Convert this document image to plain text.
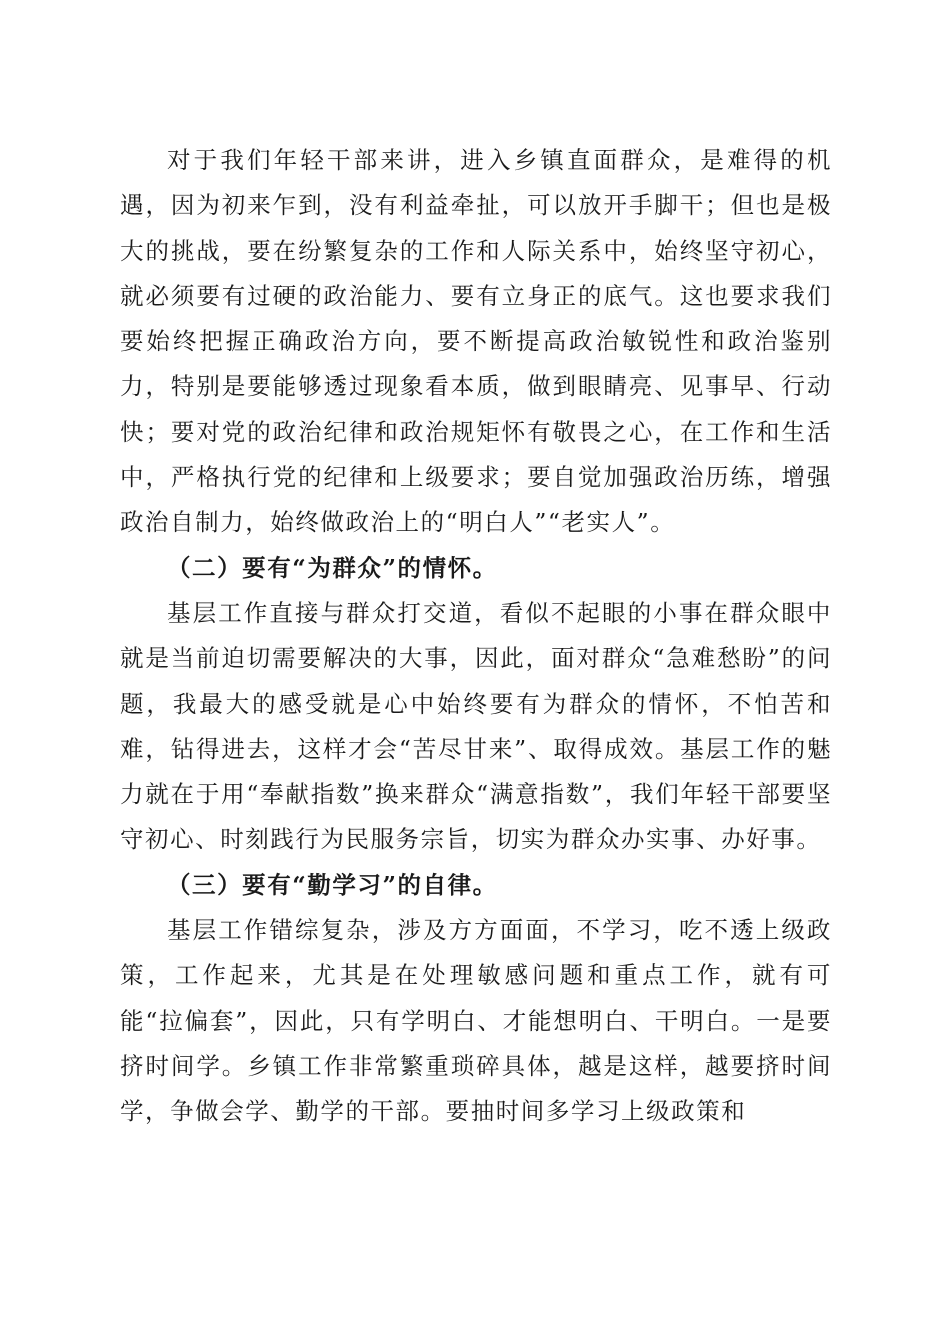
对于我们年轻干部来讲，进入乡镇直面群众，是难得的机遇，因为初来乍到，没有利益牵扯，可以放开手脚干；但也是极大的挑战，要在纷繁复杂的工作和人际关系中，始终坚守初心，就必须要有过硬的政治能力、要有立身正的底气。这也要求我们要始终把握正确政治方向，要不断提高政治敏锐性和政治鉴别力，特别是要能够透过现象看本质，做到眼睛亮、见事早、行动快；要对党的政治纪律和政治规矩怀有敬畏之心，在工作和生活中，严格执行党的纪律和上级要求；要自觉加强政治历练，增强政治自制力，始终做政治上的“明白人”“老实人”。

（二）要有“为群众”的情怀。

基层工作直接与群众打交道，看似不起眼的小事在群众眼中就是当前迫切需要解决的大事，因此，面对群众“急难愁盼”的问题，我最大的感受就是心中始终要有为群众的情怀，不怕苦和难，钻得进去，这样才会“苦尽甘来”、取得成效。基层工作的魅力就在于用“奉献指数”换来群众“满意指数”，我们年轻干部要坚守初心、时刻践行为民服务宗旨，切实为群众办实事、办好事。

（三）要有“勤学习”的自律。

基层工作错综复杂，涉及方方面面，不学习，吃不透上级政策，工作起来，尤其是在处理敏感问题和重点工作，就有可能“拉偏套”，因此，只有学明白、才能想明白、干明白。一是要挤时间学。乡镇工作非常繁重琐碎具体，越是这样，越要挤时间学，争做会学、勤学的干部。要抽时间多学习上级政策和
